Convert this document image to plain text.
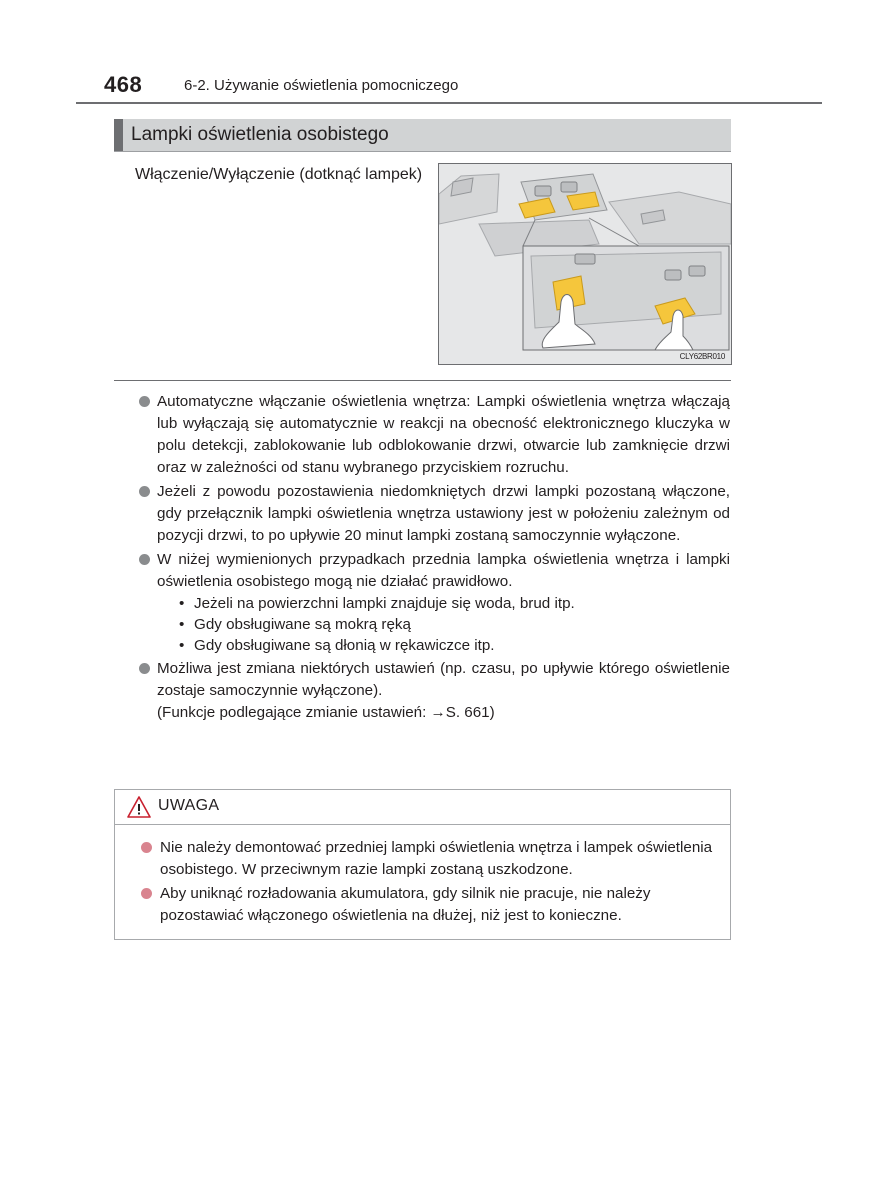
468	6-2. Używanie oświetlenia pomocniczego
Lampki oświetlenia osobistego
Włączenie/Wyłączenie (dotknąć lampek)
CLY62BR010
Automatyczne włączanie oświetlenia wnętrza: Lampki oświetlenia wnętrza włączają lub wyłączają się automatycznie w reakcji na obecność elektronicznego kluczyka w polu detekcji, zablokowanie lub odblokowanie drzwi, otwarcie lub zamknięcie drzwi oraz w zależności od stanu wybranego przyciskiem rozruchu.
Jeżeli z powodu pozostawienia niedomkniętych drzwi lampki pozostaną włączone, gdy przełącznik lampki oświetlenia wnętrza ustawiony jest w położeniu zależnym od pozycji drzwi, to po upływie 20 minut lampki zostaną samoczynnie wyłączone.
W niżej wymienionych przypadkach przednia lampka oświetlenia wnętrza i lampki oświetlenia osobistego mogą nie działać prawidłowo.
• Jeżeli na powierzchni lampki znajduje się woda, brud itp.
• Gdy obsługiwane są mokrą ręką
• Gdy obsługiwane są dłonią w rękawiczce itp.
Możliwa jest zmiana niektórych ustawień (np. czasu, po upływie którego oświetlenie zostaje samoczynnie wyłączone).
(Funkcje podlegające zmianie ustawień: →S. 661)
UWAGA
Nie należy demontować przedniej lampki oświetlenia wnętrza i lampek oświetlenia osobistego. W przeciwnym razie lampki zostaną uszkodzone.
Aby uniknąć rozładowania akumulatora, gdy silnik nie pracuje, nie należy pozostawiać włączonego oświetlenia na dłużej, niż jest to konieczne.
